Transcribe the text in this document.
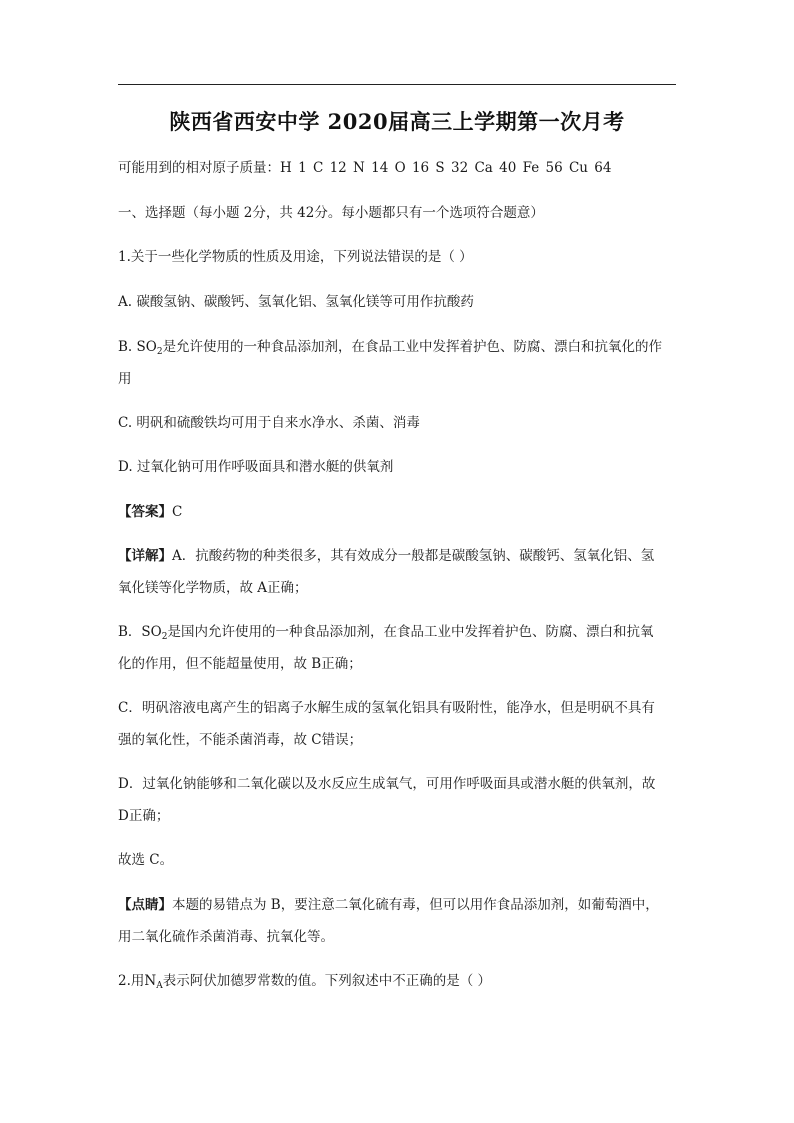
陕西省西安中学 2020届高三上学期第一次月考
可能用到的相对原子质量：H 1 C 12 N 14 O 16 S 32 Ca 40 Fe 56 Cu 64
一、选择题（每小题 2分，共 42分。每小题都只有一个选项符合题意）
1.关于一些化学物质的性质及用途，下列说法错误的是（ ）
A. 碳酸氢钠、碳酸钙、氢氧化铝、氢氧化镁等可用作抗酸药
B. $SO_2$是允许使用的一种食品添加剂，在食品工业中发挥着护色、防腐、漂白和抗氧化的作
用
C. 明矾和硫酸铁均可用于自来水净水、杀菌、消毒
D. 过氧化钠可用作呼吸面具和潜水艇的供氧剂
【答案】C
【详解】A．抗酸药物的种类很多，其有效成分一般都是碳酸氢钠、碳酸钙、氢氧化铝、氢
氧化镁等化学物质，故 A正确；
B．$SO_2$是国内允许使用的一种食品添加剂，在食品工业中发挥着护色、防腐、漂白和抗氧
化的作用，但不能超量使用，故 B正确；
C．明矾溶液电离产生的铝离子水解生成的氢氧化铝具有吸附性，能净水，但是明矾不具有
强的氧化性，不能杀菌消毒，故 C错误；
D．过氧化钠能够和二氧化碳以及水反应生成氧气，可用作呼吸面具或潜水艇的供氧剂，故
D正确；
故选 C。
【点睛】本题的易错点为 B，要注意二氧化硫有毒，但可以用作食品添加剂，如葡萄酒中，
用二氧化硫作杀菌消毒、抗氧化等。
2.用$N_A$表示阿伏加德罗常数的值。下列叙述中不正确的是（ ）
